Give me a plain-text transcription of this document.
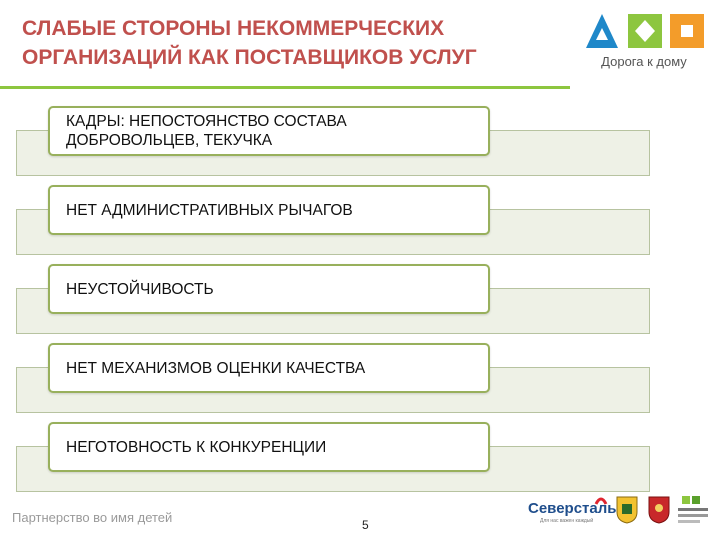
СЛАБЫЕ СТОРОНЫ НЕКОММЕРЧЕСКИХ ОРГАНИЗАЦИЙ КАК ПОСТАВЩИКОВ УСЛУГ	Дорога к дому
КАДРЫ: НЕПОСТОЯНСТВО СОСТАВА ДОБРОВОЛЬЦЕВ, ТЕКУЧКА
НЕТ АДМИНИСТРАТИВНЫХ РЫЧАГОВ
НЕУСТОЙЧИВОСТЬ
НЕТ МЕХАНИЗМОВ ОЦЕНКИ КАЧЕСТВА
НЕГОТОВНОСТЬ К КОНКУРЕНЦИИ
Партнерство во имя детей	5
Северсталь
Для нас важен каждый
